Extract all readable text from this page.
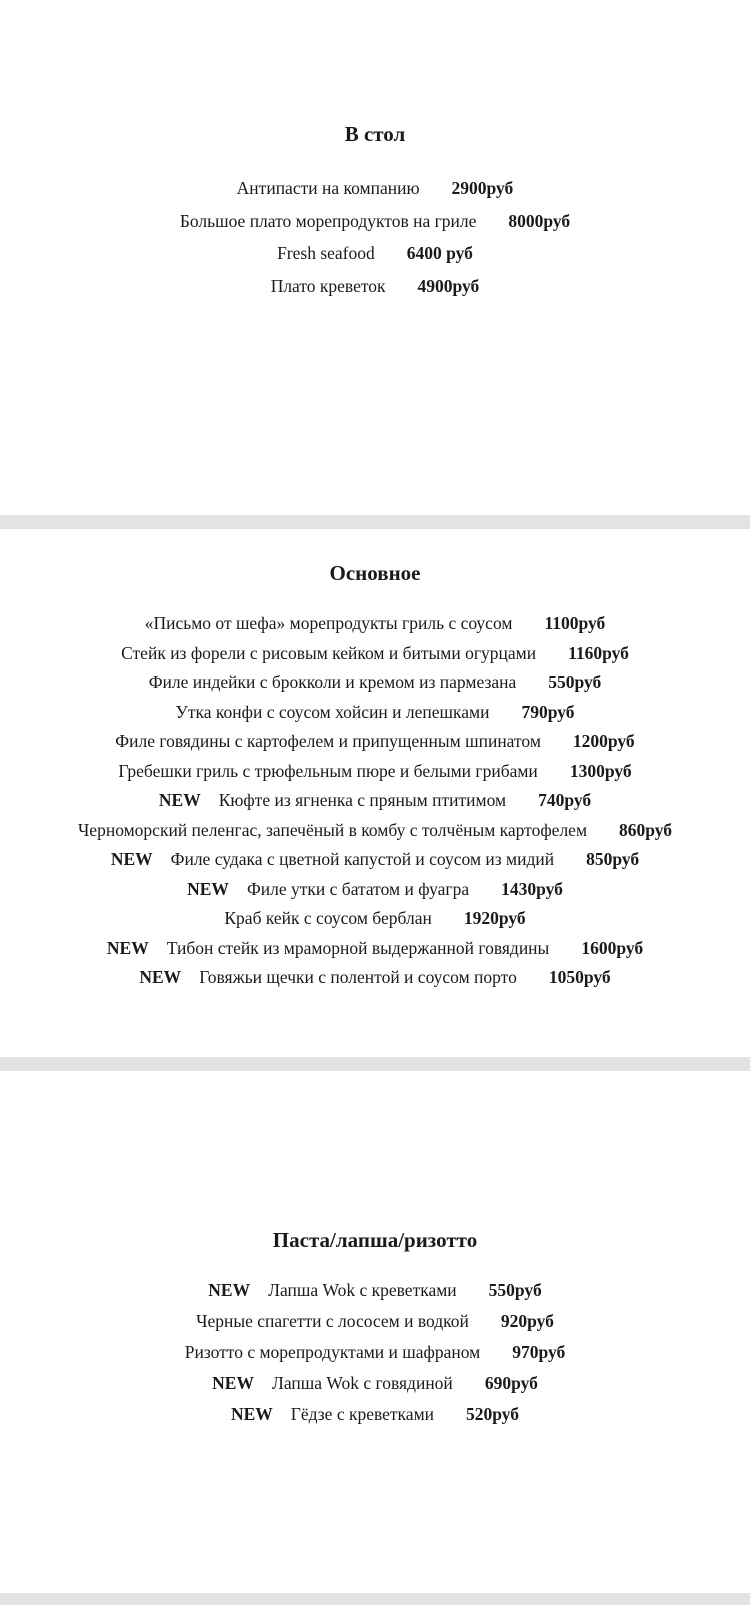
В стол
Антипасти на компанию 2900руб
Большое плато морепродуктов на гриле 8000руб
Fresh seafood 6400 руб
Плато креветок 4900руб
Основное
«Письмо от шефа» морепродукты гриль с соусом 1100руб
Стейк из форели с рисовым кейком и битыми огурцами 1160руб
Филе индейки с брокколи и кремом из пармезана 550руб
Утка конфи с соусом хойсин и лепешками 790руб
Филе говядины с картофелем и припущенным шпинатом 1200руб
Гребешки гриль с трюфельным пюре и белыми грибами 1300руб
NEW Кюфте из ягненка с пряным птитимом 740руб
Черноморский пеленгас, запечёный в комбу с толчёным картофелем 860руб
NEW Филе судака с цветной капустой и соусом из мидий 850руб
NEW Филе утки с бататом и фуагра 1430руб
Краб кейк с соусом берблан 1920руб
NEW Тибон стейк из мраморной выдержанной говядины 1600руб
NEW Говяжьи щечки с полентой и соусом порто 1050руб
Паста/лапша/ризотто
NEW Лапша Wok с креветками 550руб
Черные спагетти с лососем и водкой 920руб
Ризотто с морепродуктами и шафраном 970руб
NEW Лапша Wok с говядиной 690руб
NEW Гёдзе с креветками 520руб
